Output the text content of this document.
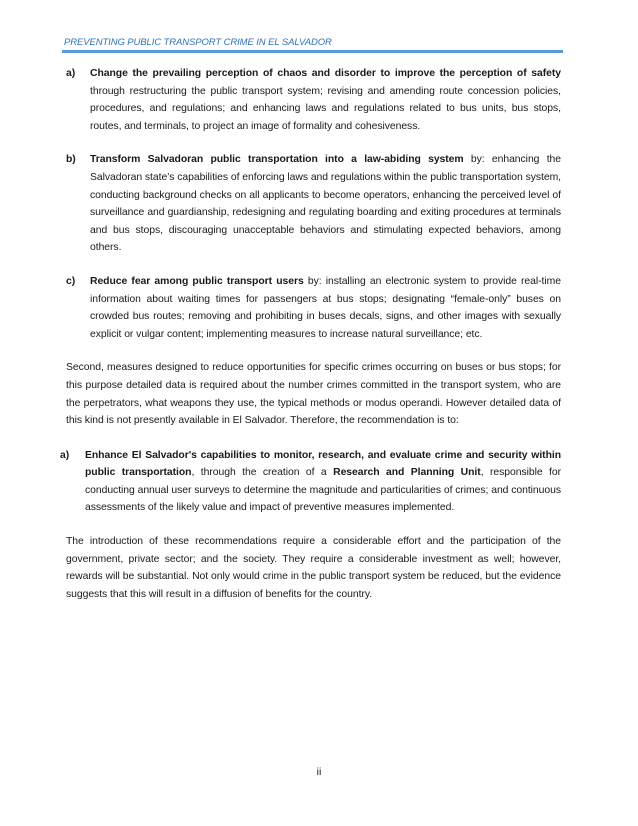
PREVENTING PUBLIC TRANSPORT CRIME IN EL SALVADOR
a)	Change the prevailing perception of chaos and disorder to improve the perception of safety through restructuring the public transport system; revising and amending route concession policies, procedures, and regulations; and enhancing laws and regulations related to bus units, bus stops, routes, and terminals, to project an image of formality and cohesiveness.
b)	Transform Salvadoran public transportation into a law-abiding system by: enhancing the Salvadoran state’s capabilities of enforcing laws and regulations within the public transportation system, conducting background checks on all applicants to become operators, enhancing the perceived level of surveillance and guardianship, redesigning and regulating boarding and exiting procedures at terminals and bus stops, discouraging unacceptable behaviors and stimulating expected behaviors, among others.
c)	Reduce fear among public transport users by: installing an electronic system to provide real-time information about waiting times for passengers at bus stops; designating “female-only” buses on crowded bus routes; removing and prohibiting in buses decals, signs, and other images with sexually explicit or vulgar content; implementing measures to increase natural surveillance; etc.

Second, measures designed to reduce opportunities for specific crimes occurring on buses or bus stops; for this purpose detailed data is required about the number crimes committed in the transport system, who are the perpetrators, what weapons they use, the typical methods or modus operandi. However detailed data of this kind is not presently available in El Salvador. Therefore, the recommendation is to:

a)	Enhance El Salvador's capabilities to monitor, research, and evaluate crime and security within public transportation, through the creation of a Research and Planning Unit, responsible for conducting annual user surveys to determine the magnitude and particularities of crimes; and continuous assessments of the likely value and impact of preventive measures implemented.

The introduction of these recommendations require a considerable effort and the participation of the government, private sector; and the society. They require a considerable investment as well; however, rewards will be substantial. Not only would crime in the public transport system be reduced, but the evidence suggests that this will result in a diffusion of benefits for the country.

ii
